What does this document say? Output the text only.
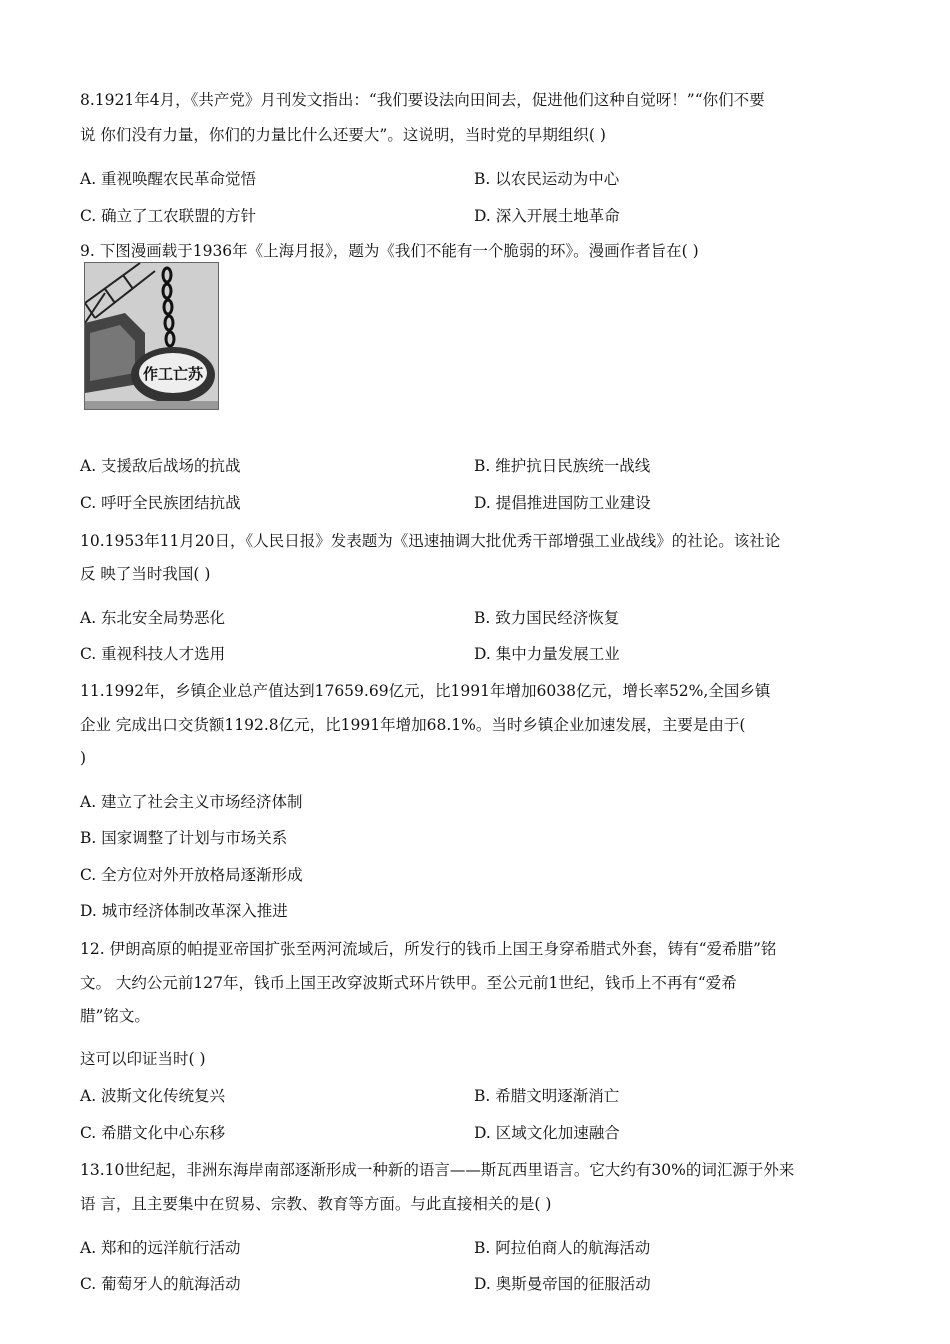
8.1921年4月，《共产党》月刊发文指出：“我们要设法向田间去，促进他们这种自觉呀！”“你们不要
说 你们没有力量，你们的力量比什么还要大”。这说明，当时党的早期组织( )
A. 重视唤醒农民革命觉悟	B. 以农民运动为中心
C. 确立了工农联盟的方针	D. 深入开展土地革命
9. 下图漫画载于1936年《上海月报》，题为《我们不能有一个脆弱的环》。漫画作者旨在( )
作工亡苏
A. 支援敌后战场的抗战	B. 维护抗日民族统一战线
C. 呼吁全民族团结抗战	D. 提倡推进国防工业建设
10.1953年11月20日，《人民日报》发表题为《迅速抽调大批优秀干部增强工业战线》的社论。该社论
反 映了当时我国( )
A. 东北安全局势恶化	B. 致力国民经济恢复
C. 重视科技人才选用	D. 集中力量发展工业
11.1992年，乡镇企业总产值达到17659.69亿元，比1991年增加6038亿元，增长率52%,全国乡镇
企业 完成出口交货额1192.8亿元，比1991年增加68.1%。当时乡镇企业加速发展，主要是由于(
)
A. 建立了社会主义市场经济体制
B. 国家调整了计划与市场关系
C. 全方位对外开放格局逐渐形成
D. 城市经济体制改革深入推进
12. 伊朗高原的帕提亚帝国扩张至两河流域后，所发行的钱币上国王身穿希腊式外套，铸有“爱希腊”铭
文。 大约公元前127年，钱币上国王改穿波斯式环片铁甲。至公元前1世纪，钱币上不再有“爱希
腊”铭文。
这可以印证当时( )
A. 波斯文化传统复兴	B. 希腊文明逐渐消亡
C. 希腊文化中心东移	D. 区域文化加速融合
13.10世纪起，非洲东海岸南部逐渐形成一种新的语言——斯瓦西里语言。它大约有30%的词汇源于外来
语 言，且主要集中在贸易、宗教、教育等方面。与此直接相关的是( )
A. 郑和的远洋航行活动	B. 阿拉伯商人的航海活动
C. 葡萄牙人的航海活动	D. 奥斯曼帝国的征服活动
